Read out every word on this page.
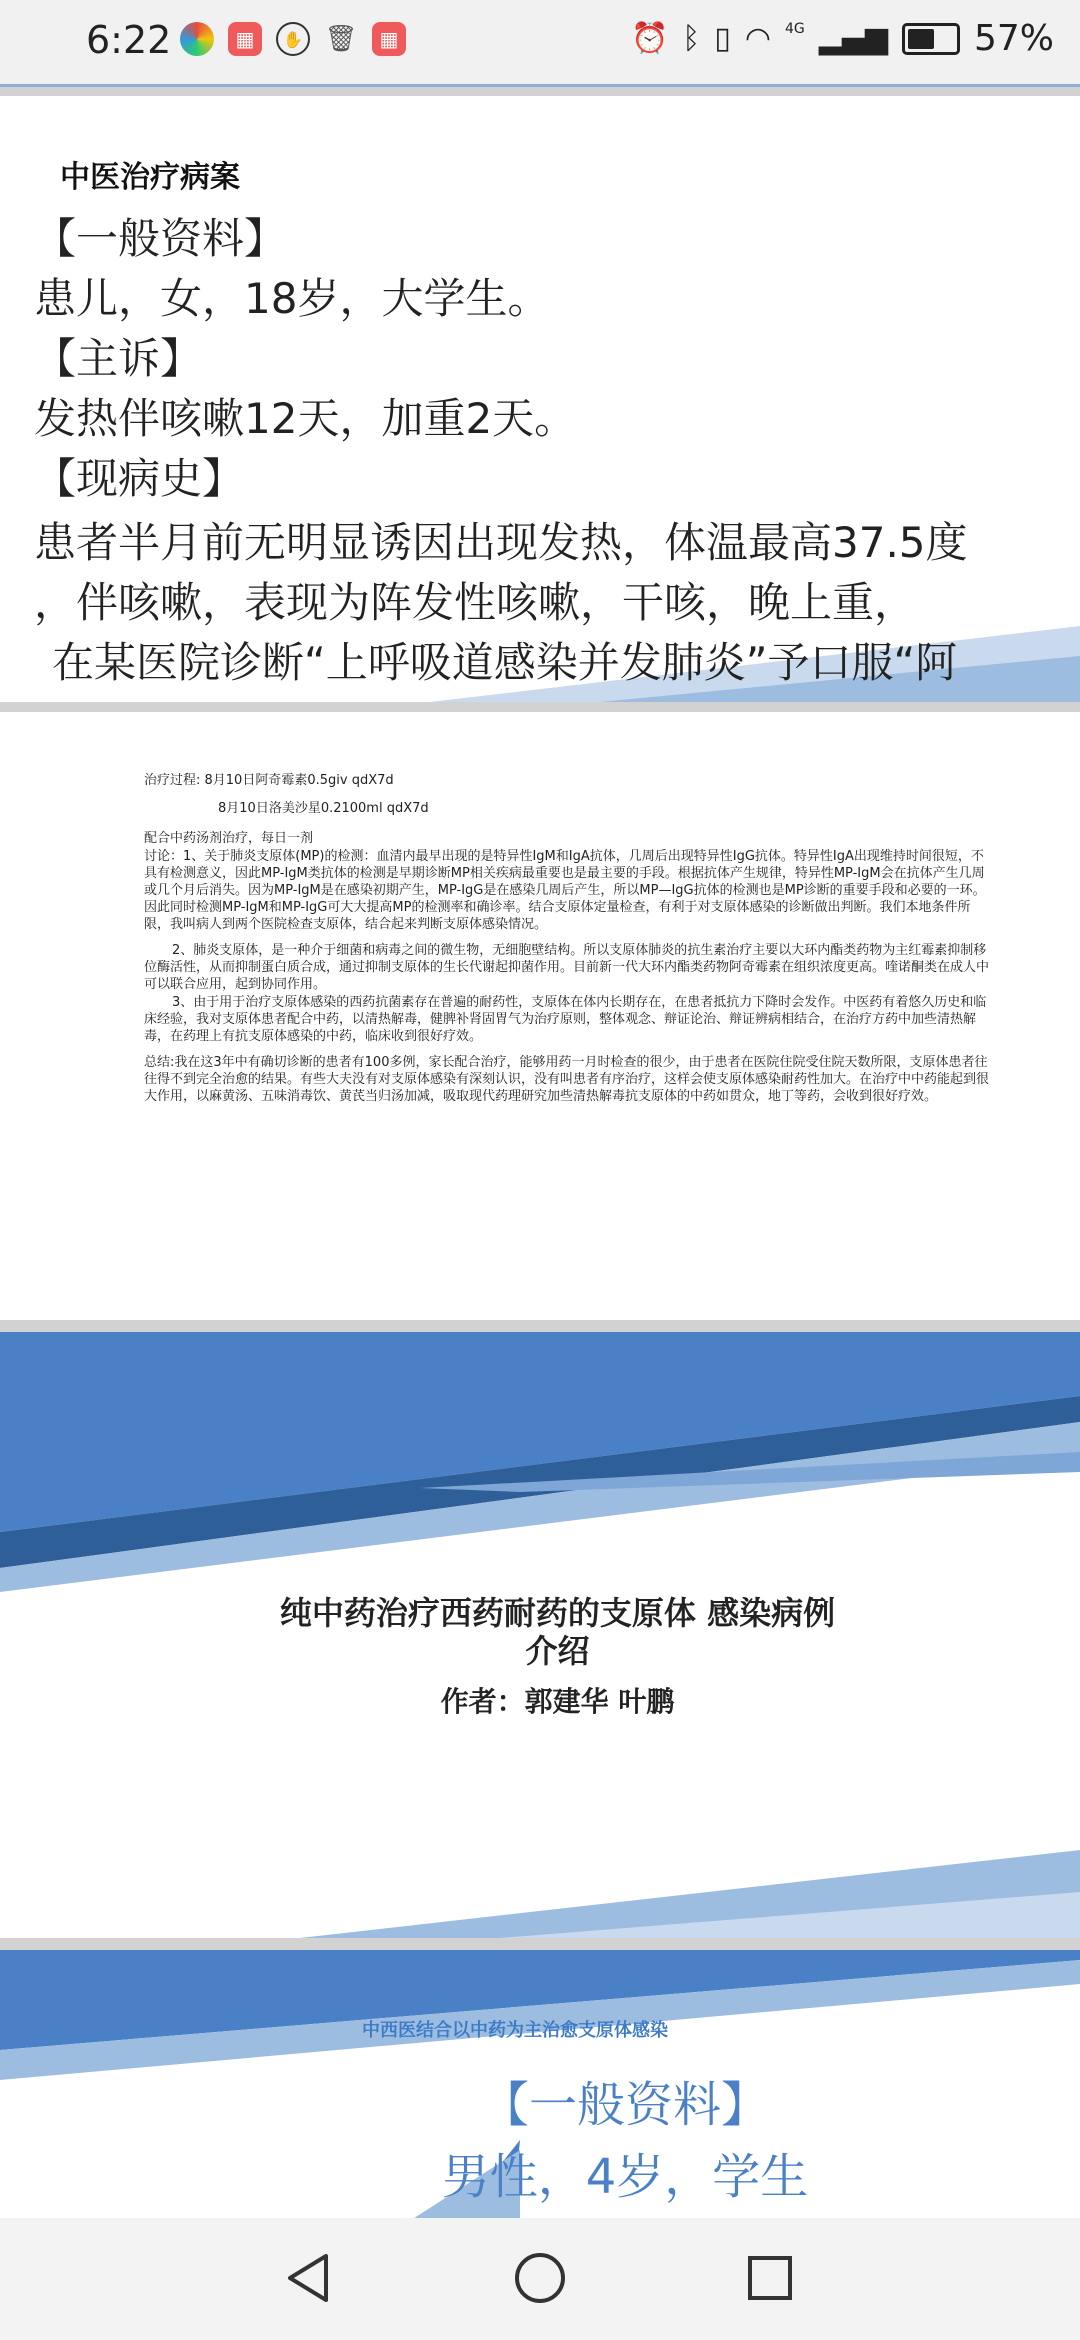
6:22	▦	✋ 🗑	▦	⏰ ᛒ ▯ ◠ 4G ▂▄▆ 57%
中医治疗病案
【一般资料】
患儿，女，18岁，大学生。
【主诉】
发热伴咳嗽12天，加重2天。
【现病史】
患者半月前无明显诱因出现发热，体温最高37.5度
，伴咳嗽，表现为阵发性咳嗽，干咳，晚上重，
在某医院诊断“上呼吸道感染并发肺炎”予口服“阿
治疗过程: 8月10日阿奇霉素0.5giv qdX7d
8月10日洛美沙星0.2100ml qdX7d
配合中药汤剂治疗，每日一剂
讨论：1、关于肺炎支原体(MP)的检测：血清内最早出现的是特异性IgM和IgA抗体，几周后出现特异性IgG抗体。特异性IgA出现维持时间很短，不具有检测意义，因此MP-IgM类抗体的检测是早期诊断MP相关疾病最重要也是最主要的手段。根据抗体产生规律，特异性MP-IgM会在抗体产生几周或几个月后消失。因为MP-IgM是在感染初期产生，MP-IgG是在感染几周后产生，所以MP—IgG抗体的检测也是MP诊断的重要手段和必要的一环。因此同时检测MP-IgM和MP-IgG可大大提高MP的检测率和确诊率。结合支原体定量检查，有利于对支原体感染的诊断做出判断。我们本地条件所限，我叫病人到两个医院检查支原体，结合起来判断支原体感染情况。
2、肺炎支原体，是一种介于细菌和病毒之间的微生物，无细胞壁结构。所以支原体肺炎的抗生素治疗主要以大环内酯类药物为主红霉素抑制移位酶活性，从而抑制蛋白质合成，通过抑制支原体的生长代谢起抑菌作用。目前新一代大环内酯类药物阿奇霉素在组织浓度更高。喹诺酮类在成人中可以联合应用，起到协同作用。
3、由于用于治疗支原体感染的西药抗菌素存在普遍的耐药性，支原体在体内长期存在，在患者抵抗力下降时会发作。中医药有着悠久历史和临床经验，我对支原体患者配合中药，以清热解毒，健脾补肾固胃气为治疗原则，整体观念、辩证论治、辩证辨病相结合，在治疗方药中加些清热解毒，在药理上有抗支原体感染的中药，临床收到很好疗效。
总结:我在这3年中有确切诊断的患者有100多例，家长配合治疗，能够用药一月时检查的很少，由于患者在医院住院受住院天数所限，支原体患者往往得不到完全治愈的结果。有些大夫没有对支原体感染有深刻认识，没有叫患者有序治疗，这样会使支原体感染耐药性加大。在治疗中中药能起到很大作用，以麻黄汤、五味消毒饮、黄芪当归汤加减，吸取现代药理研究加些清热解毒抗支原体的中药如贯众，地丁等药，会收到很好疗效。
纯中药治疗西药耐药的支原体 感染病例
介绍
作者：郭建华 叶鹏
中西医结合以中药为主治愈支原体感染
【一般资料】
男性，4岁，学生
